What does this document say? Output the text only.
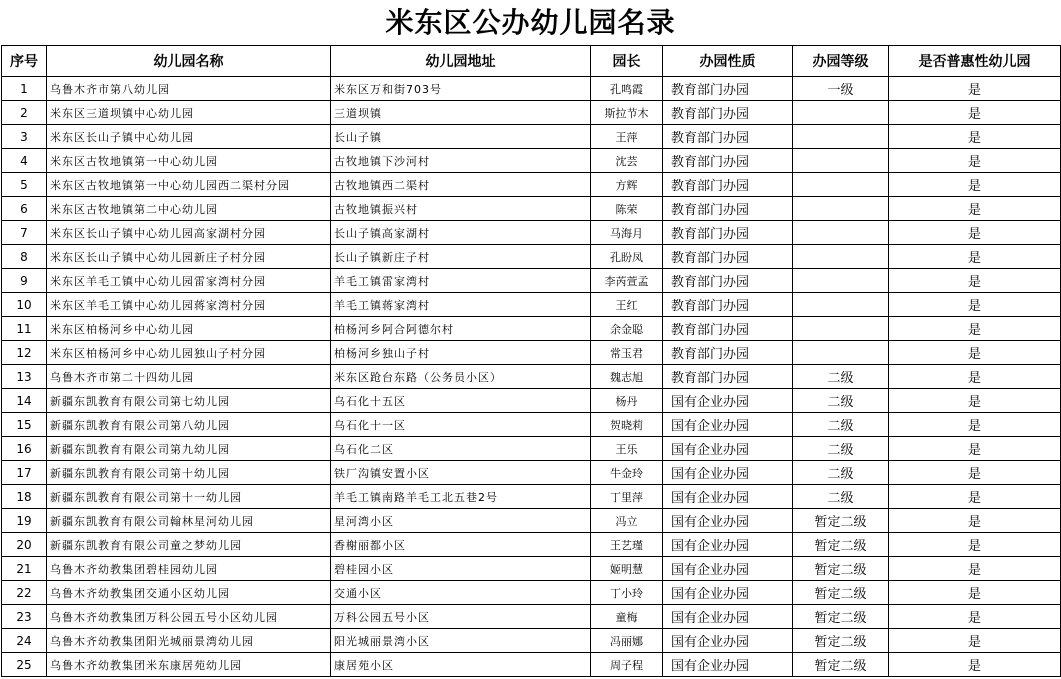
米东区公办幼儿园名录
序号	幼儿园名称	幼儿园地址	园长	办园性质	办园等级	是否普惠性幼儿园
1	乌鲁木齐市第八幼儿园	米东区万和街703号	孔鸣霞	教育部门办园	一级	是
2	米东区三道坝镇中心幼儿园	三道坝镇	斯拉节木	教育部门办园		是
3	米东区长山子镇中心幼儿园	长山子镇	王萍	教育部门办园		是
4	米东区古牧地镇第一中心幼儿园	古牧地镇下沙河村	沈芸	教育部门办园		是
5	米东区古牧地镇第一中心幼儿园西二渠村分园	古牧地镇西二渠村	方辉	教育部门办园		是
6	米东区古牧地镇第二中心幼儿园	古牧地镇振兴村	陈荣	教育部门办园		是
7	米东区长山子镇中心幼儿园高家湖村分园	长山子镇高家湖村	马海月	教育部门办园		是
8	米东区长山子镇中心幼儿园新庄子村分园	长山子镇新庄子村	孔盼凤	教育部门办园		是
9	米东区羊毛工镇中心幼儿园雷家湾村分园	羊毛工镇雷家湾村	李芮萱孟	教育部门办园		是
10	米东区羊毛工镇中心幼儿园蒋家湾村分园	羊毛工镇蒋家湾村	王红	教育部门办园		是
11	米东区柏杨河乡中心幼儿园	柏杨河乡阿合阿德尔村	余金聪	教育部门办园		是
12	米东区柏杨河乡中心幼儿园独山子村分园	柏杨河乡独山子村	常玉君	教育部门办园		是
13	乌鲁木齐市第二十四幼儿园	米东区跄台东路（公务员小区）	魏志旭	教育部门办园	二级	是
14	新疆东凯教育有限公司第七幼儿园	乌石化十五区	杨丹	国有企业办园	二级	是
15	新疆东凯教育有限公司第八幼儿园	乌石化十一区	贺晓莉	国有企业办园	二级	是
16	新疆东凯教育有限公司第九幼儿园	乌石化二区	王乐	国有企业办园	二级	是
17	新疆东凯教育有限公司第十幼儿园	铁厂沟镇安置小区	牛金玲	国有企业办园	二级	是
18	新疆东凯教育有限公司第十一幼儿园	羊毛工镇南路羊毛工北五巷2号	丁里萍	国有企业办园	二级	是
19	新疆东凯教育有限公司翰林星河幼儿园	星河湾小区	冯立	国有企业办园	暂定二级	是
20	新疆东凯教育有限公司童之梦幼儿园	香榭丽都小区	王艺瑾	国有企业办园	暂定二级	是
21	乌鲁木齐幼教集团碧桂园幼儿园	碧桂园小区	姬明慧	国有企业办园	暂定二级	是
22	乌鲁木齐幼教集团交通小区幼儿园	交通小区	丁小玲	国有企业办园	暂定二级	是
23	乌鲁木齐幼教集团万科公园五号小区幼儿园	万科公园五号小区	童梅	国有企业办园	暂定二级	是
24	乌鲁木齐幼教集团阳光城丽景湾幼儿园	阳光城丽景湾小区	冯丽娜	国有企业办园	暂定二级	是
25	乌鲁木齐幼教集团米东康居苑幼儿园	康居苑小区	周子程	国有企业办园	暂定二级	是
